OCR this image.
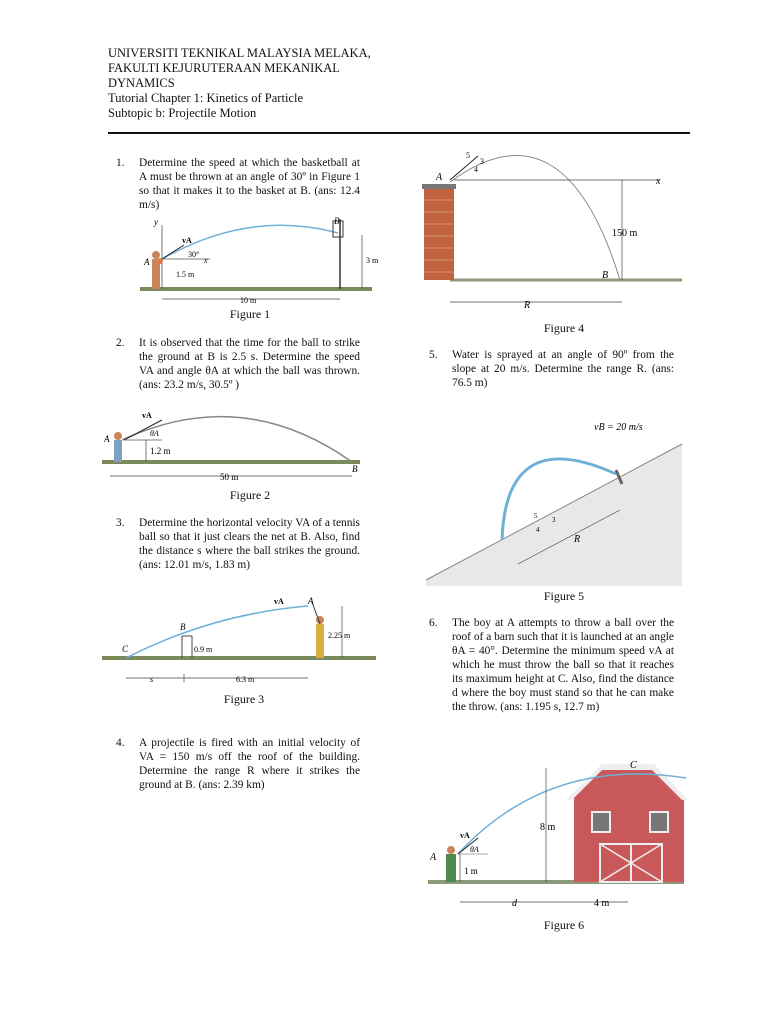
UNIVERSITI TEKNIKAL MALAYSIA MELAKA,
FAKULTI KEJURUTERAAN MEKANIKAL
DYNAMICS
Tutorial Chapter 1: Kinetics of Particle
Subtopic b: Projectile Motion
1. Determine the speed at which the basketball at A must be thrown at an angle of 30º in Figure 1 so that it makes it to the basket at B. (ans: 12.4 m/s)
y
vA
30°
x
A
B
1.5 m
3 m
10 m
Figure 1
2. It is observed that the time for the ball to strike the ground at B is 2.5 s. Determine the speed VA and angle θA at which the ball was thrown. (ans: 23.2 m/s, 30.5º )
vA
θA
A
B
1.2 m
50 m
Figure 2
3. Determine the horizontal velocity VA of a tennis ball so that it just clears the net at B. Also, find the distance s where the ball strikes the ground. (ans: 12.01 m/s, 1.83 m)
vA	A
B
C	0.9 m
2.25 m
s	6.3 m
Figure 3
4. A projectile is fired with an initial velocity of VA = 150 m/s off the roof of the building. Determine the range R where it strikes the ground at B. (ans: 2.39 km)
5
4
3
A	x
150 m
B
R
Figure 4
5. Water is sprayed at an angle of 90º from the slope at 20 m/s. Determine the range R. (ans: 76.5 m)
vB = 20 m/s
5
4
3
R
Figure 5
6. The boy at A attempts to throw a ball over the roof of a barn such that it is launched at an angle θA = 40°. Determine the minimum speed vA at which he must throw the ball so that it reaches its maximum height at C. Also, find the distance d where the boy must stand so that he can make the throw. (ans: 1.195 s, 12.7 m)
C
8 m
vA
θA
A
1 m
d	4 m
Figure 6
